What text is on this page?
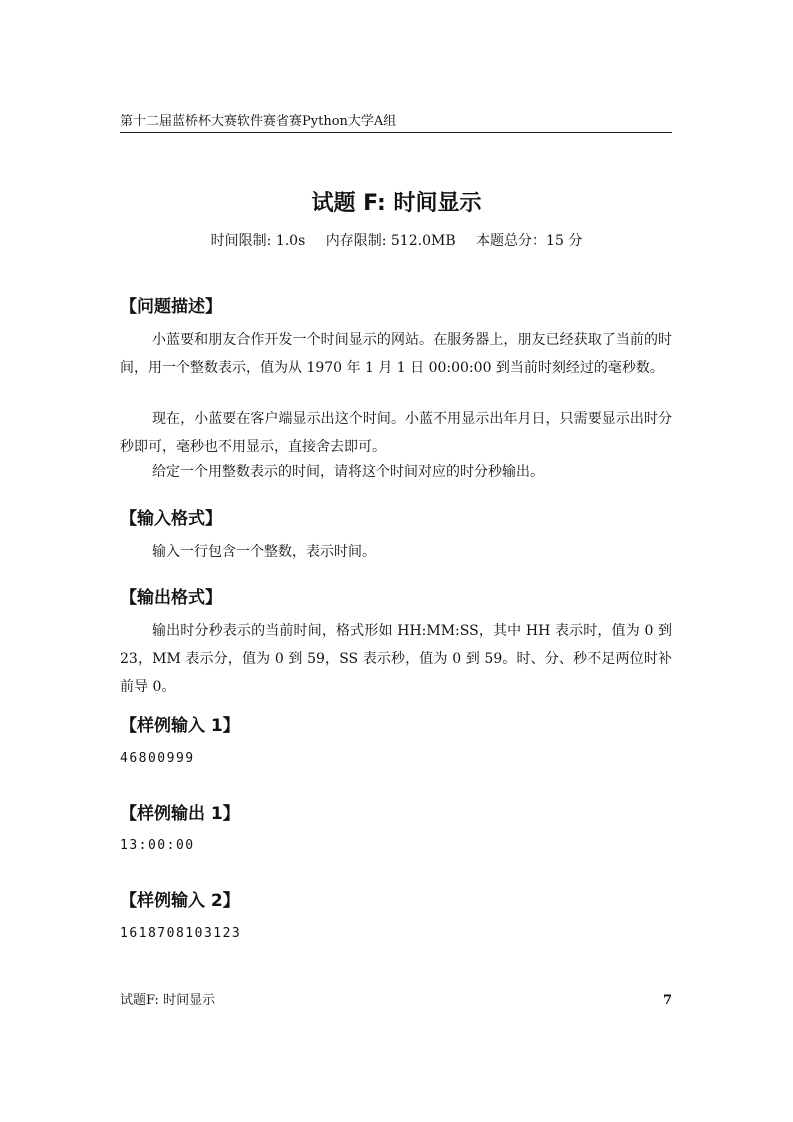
第十二届蓝桥杯大赛软件赛省赛Python大学A组
试题 F: 时间显示
时间限制: 1.0s 内存限制: 512.0MB 本题总分：15 分
【问题描述】
小蓝要和朋友合作开发一个时间显示的网站。在服务器上，朋友已经获取了当前的时间，用一个整数表示，值为从 1970 年 1 月 1 日 00:00:00 到当前时刻经过的毫秒数。
现在，小蓝要在客户端显示出这个时间。小蓝不用显示出年月日，只需要显示出时分秒即可，毫秒也不用显示，直接舍去即可。
给定一个用整数表示的时间，请将这个时间对应的时分秒输出。
【输入格式】
输入一行包含一个整数，表示时间。
【输出格式】
输出时分秒表示的当前时间，格式形如 HH:MM:SS，其中 HH 表示时，值为 0 到 23，MM 表示分，值为 0 到 59，SS 表示秒，值为 0 到 59。时、分、秒不足两位时补前导 0。
【样例输入 1】
46800999
【样例输出 1】
13:00:00
【样例输入 2】
1618708103123
试题F: 时间显示	7
